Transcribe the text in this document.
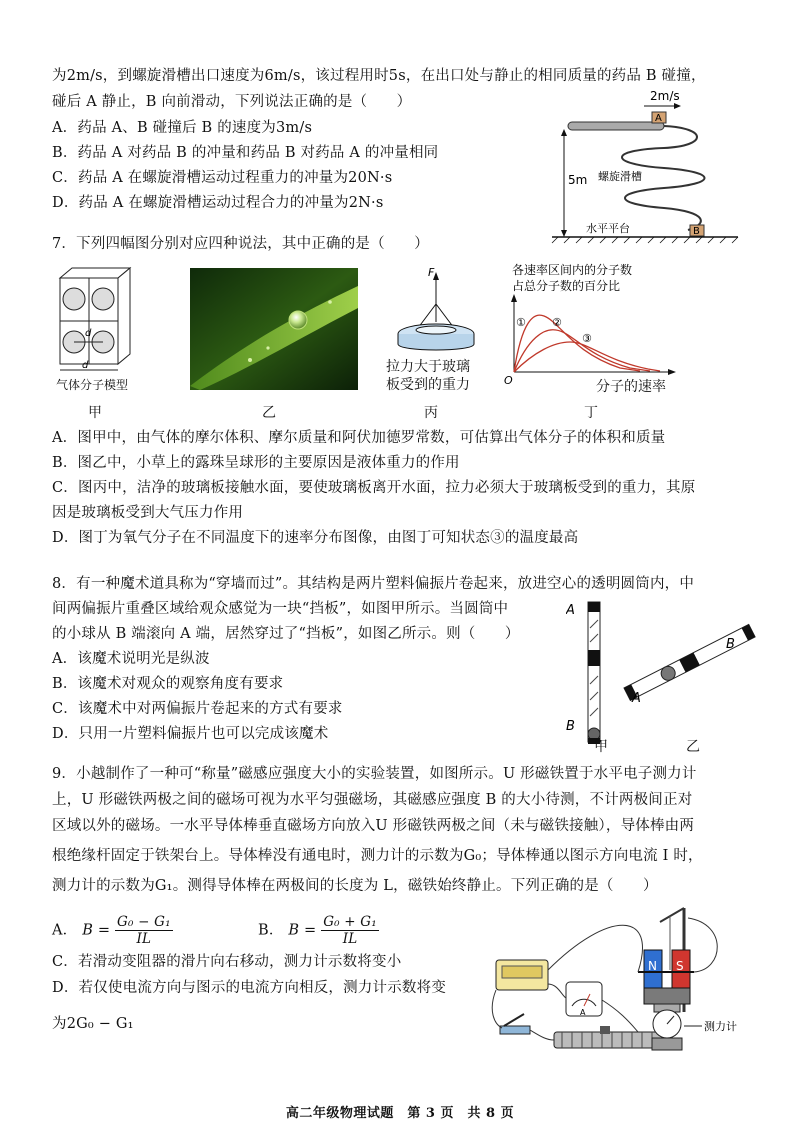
为2m/s，到螺旋滑槽出口速度为6m/s，该过程用时5s，在出口处与静止的相同质量的药品 B 碰撞，
碰后 A 静止，B 向前滑动，下列说法正确的是（　　）
A．药品 A、B 碰撞后 B 的速度为3m/s
B．药品 A 对药品 B 的冲量和药品 B 对药品 A 的冲量相同
C．药品 A 在螺旋滑槽运动过程重力的冲量为20N·s
D．药品 A 在螺旋滑槽运动过程合力的冲量为2N·s
2m/s
A
5m 螺旋滑槽
水平平台	B
7．下列四幅图分别对应四种说法，其中正确的是（　　）
d
d
气体分子模型
F
拉力大于玻璃
板受到的重力
各速率区间内的分子数
占总分子数的百分比
O
① ②
③
分子的速率
甲	乙	丙	丁
A．图甲中，由气体的摩尔体积、摩尔质量和阿伏加德罗常数，可估算出气体分子的体积和质量
B．图乙中，小草上的露珠呈球形的主要原因是液体重力的作用
C．图丙中，洁净的玻璃板接触水面，要使玻璃板离开水面，拉力必须大于玻璃板受到的重力，其原
因是玻璃板受到大气压力作用
D．图丁为氧气分子在不同温度下的速率分布图像，由图丁可知状态③的温度最高
8．有一种魔术道具称为“穿墙而过”。其结构是两片塑料偏振片卷起来，放进空心的透明圆筒内，中
间两偏振片重叠区域给观众感觉为一块“挡板”，如图甲所示。当圆筒中
的小球从 B 端滚向 A 端，居然穿过了“挡板”，如图乙所示。则（　　）
A．该魔术说明光是纵波
B．该魔术对观众的观察角度有要求
C．该魔术中对两偏振片卷起来的方式有要求
D．只用一片塑料偏振片也可以完成该魔术
A
B
A
B
甲	乙
9．小越制作了一种可“称量”磁感应强度大小的实验装置，如图所示。U 形磁铁置于水平电子测力计
上，U 形磁铁两极之间的磁场可视为水平匀强磁场，其磁感应强度 B 的大小待测，不计两极间正对
区域以外的磁场。一水平导体棒垂直磁场方向放入U 形磁铁两极之间（未与磁铁接触），导体棒由两
根绝缘杆固定于铁架台上。导体棒没有通电时，测力计的示数为G₀；导体棒通以图示方向电流 I 时，
测力计的示数为G₁。测得导体棒在两极间的长度为 L，磁铁始终静止。下列正确的是（　　）
A． $B = \frac{\text{G₀ − G₁}}{IL}$	B． $B = \frac{\text{G₀ + G₁}}{IL}$
C．若滑动变阻器的滑片向右移动，测力计示数将变小
D．若仅使电流方向与图示的电流方向相反，测力计示数将变
为2G₀ − G₁
A
N S
测力计
高二年级物理试题　第 3 页　共 8 页
